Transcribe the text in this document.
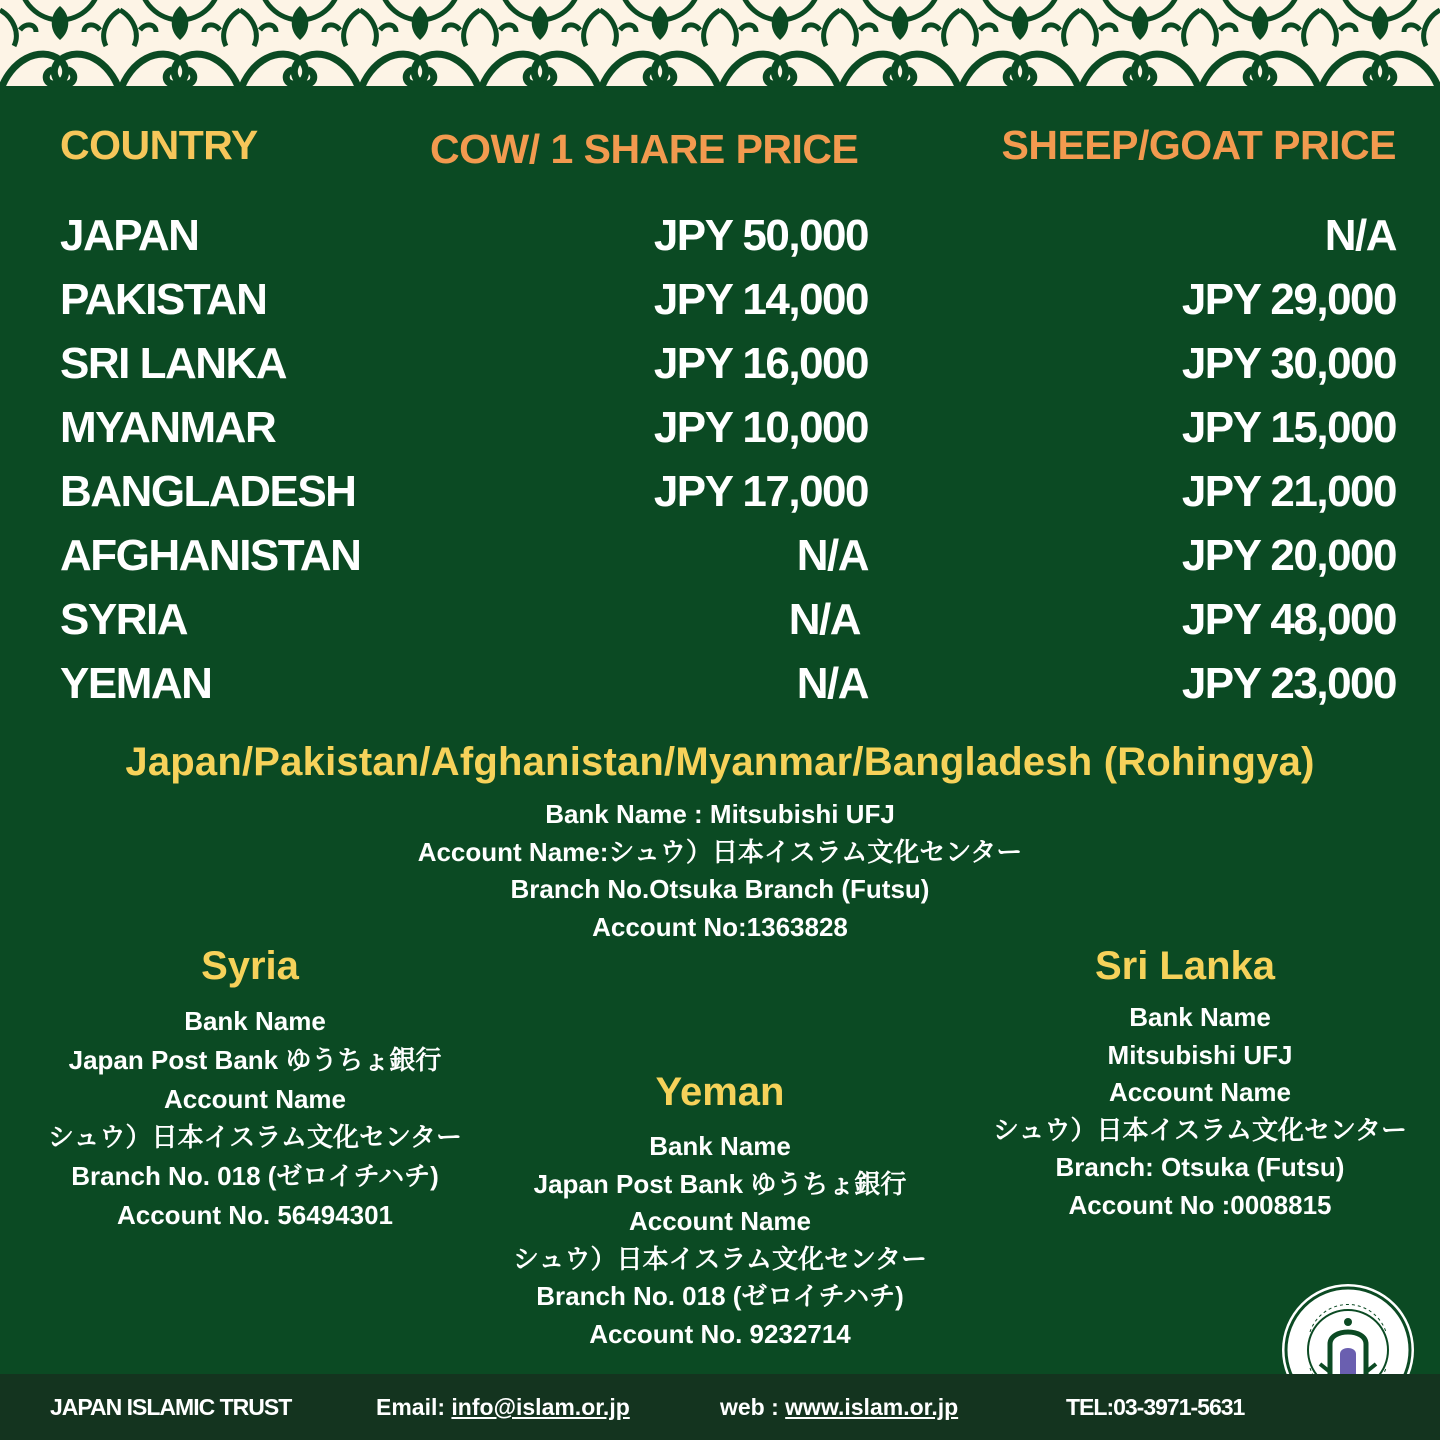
COUNTRY	COW/ 1 SHARE PRICE	SHEEP/GOAT PRICE
JAPAN	JPY 50,000	N/A
PAKISTAN	JPY 14,000	JPY 29,000
SRI LANKA	JPY 16,000	JPY 30,000
MYANMAR	JPY 10,000	JPY 15,000
BANGLADESH	JPY 17,000	JPY 21,000
AFGHANISTAN	N/A	JPY 20,000
SYRIA	N/A	JPY 48,000
YEMAN	N/A	JPY 23,000
Japan/Pakistan/Afghanistan/Myanmar/Bangladesh (Rohingya)
Bank Name : Mitsubishi UFJ
Account Name:シュウ）日本イスラム文化センター
Branch No.Otsuka Branch (Futsu)
Account No:1363828
Syria
Bank Name
Japan Post Bank ゆうちょ銀行
Account Name
シュウ）日本イスラム文化センター
Branch No. 018 (ゼロイチハチ)
Account No. 56494301
Yeman
Bank Name
Japan Post Bank ゆうちょ銀行
Account Name
シュウ）日本イスラム文化センター
Branch No. 018 (ゼロイチハチ)
Account No. 9232714
Sri Lanka
Bank Name
Mitsubishi UFJ
Account Name
シュウ）日本イスラム文化センター
Branch: Otsuka (Futsu)
Account No :0008815
JAPAN ISLAMIC TRUST	Email: info@islam.or.jp	web : www.islam.or.jp	TEL:03-3971-5631
